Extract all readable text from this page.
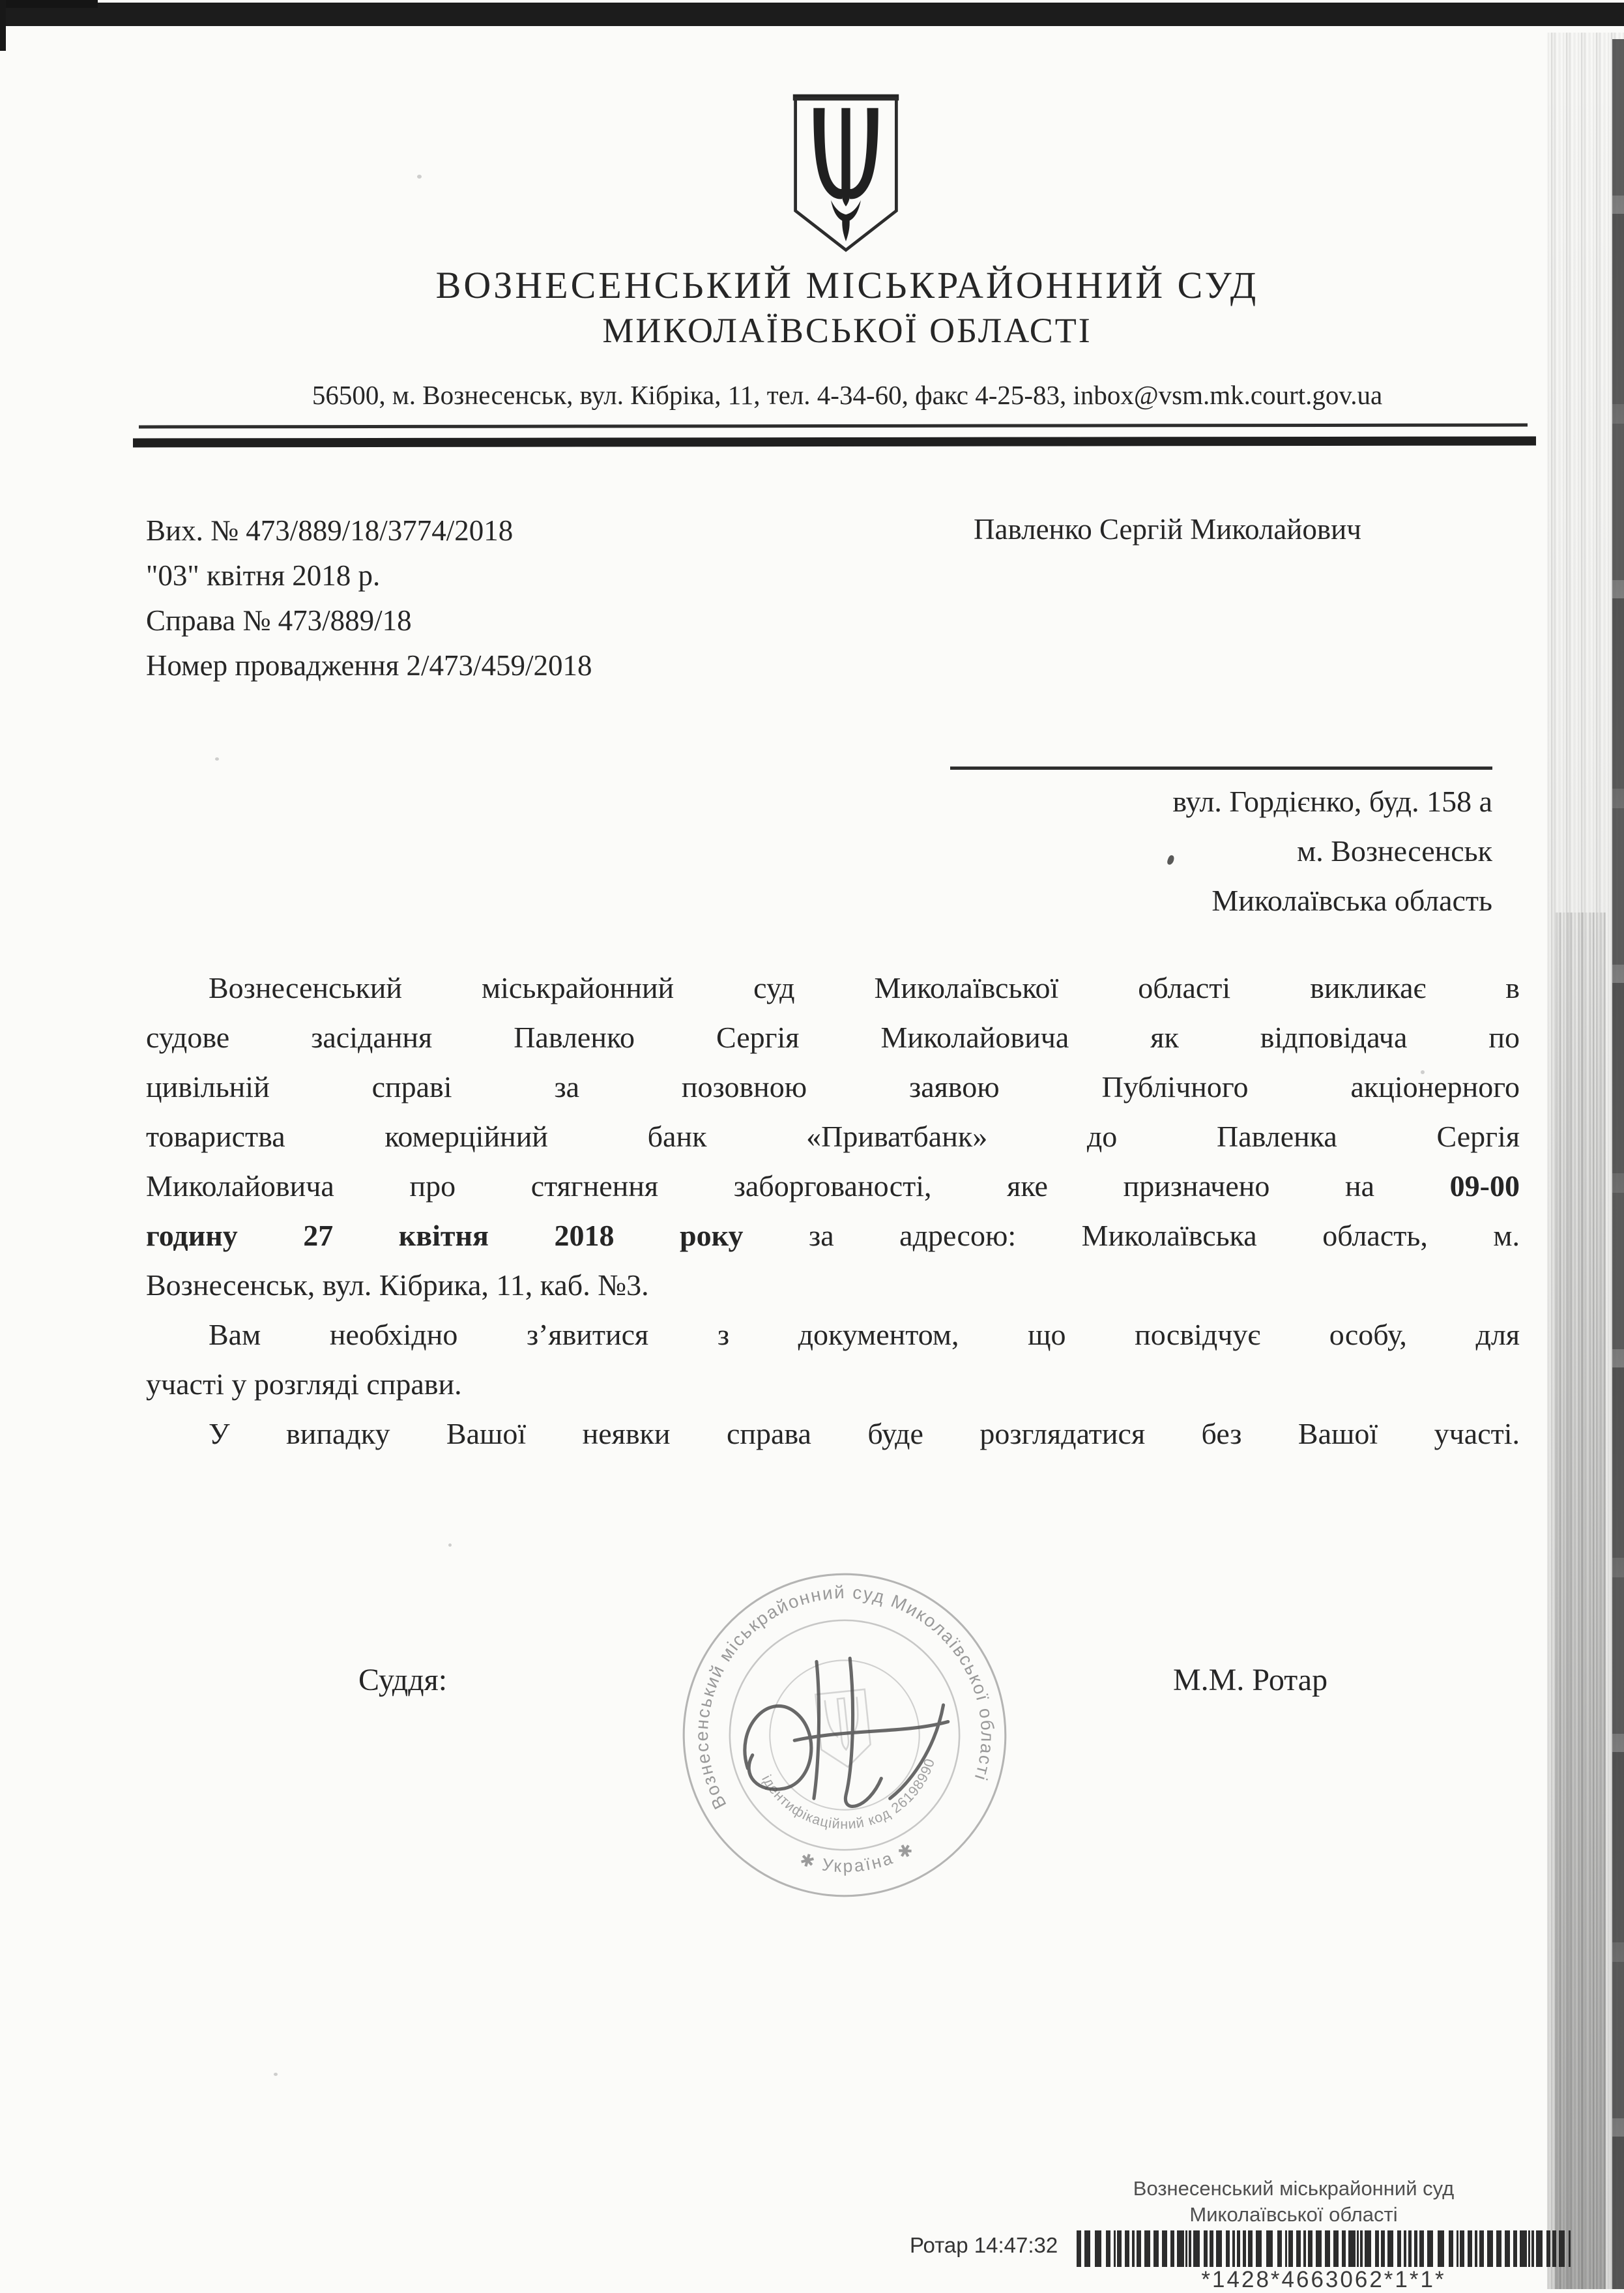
ВОЗНЕСЕНСЬКИЙ МІСЬКРАЙОННИЙ СУД
МИКОЛАЇВСЬКОЇ ОБЛАСТІ
56500, м. Вознесенськ, вул. Кібріка, 11, тел. 4-34-60, факс 4-25-83, inbox@vsm.mk.court.gov.ua
Вих. № 473/889/18/3774/2018
"03" квітня 2018 р.
Справа № 473/889/18
Номер провадження 2/473/459/2018
Павленко Сергій Миколайович
вул. Гордієнко, буд. 158 а
м. Вознесенськ
Миколаївська область
Вознесенський міськрайонний суд Миколаївської області викликає в
судове засідання Павленко Сергія Миколайовича як відповідача по
цивільній справі за позовною заявою Публічного акціонерного
товариства комерційний банк «Приватбанк» до Павленка Сергія
Миколайовича про стягнення заборгованості, яке призначено на 09-00
годину 27 квітня 2018 року за адресою: Миколаївська область, м.
Вознесенськ, вул. Кібрика, 11, каб. №3.
Вам необхідно з’явитися з документом, що посвідчує особу, для
участі у розгляді справи.
У випадку Вашої неявки справа буде розглядатися без Вашої участі.
Суддя:	М.М. Ротар
Вознесенський міськрайонний суд Миколаївської області
✱ Україна ✱
ідентифікаційний код 26198990
Вознесенський міськрайонний суд
Миколаївської області
Ротар 14:47:32
*1428*4663062*1*1*
